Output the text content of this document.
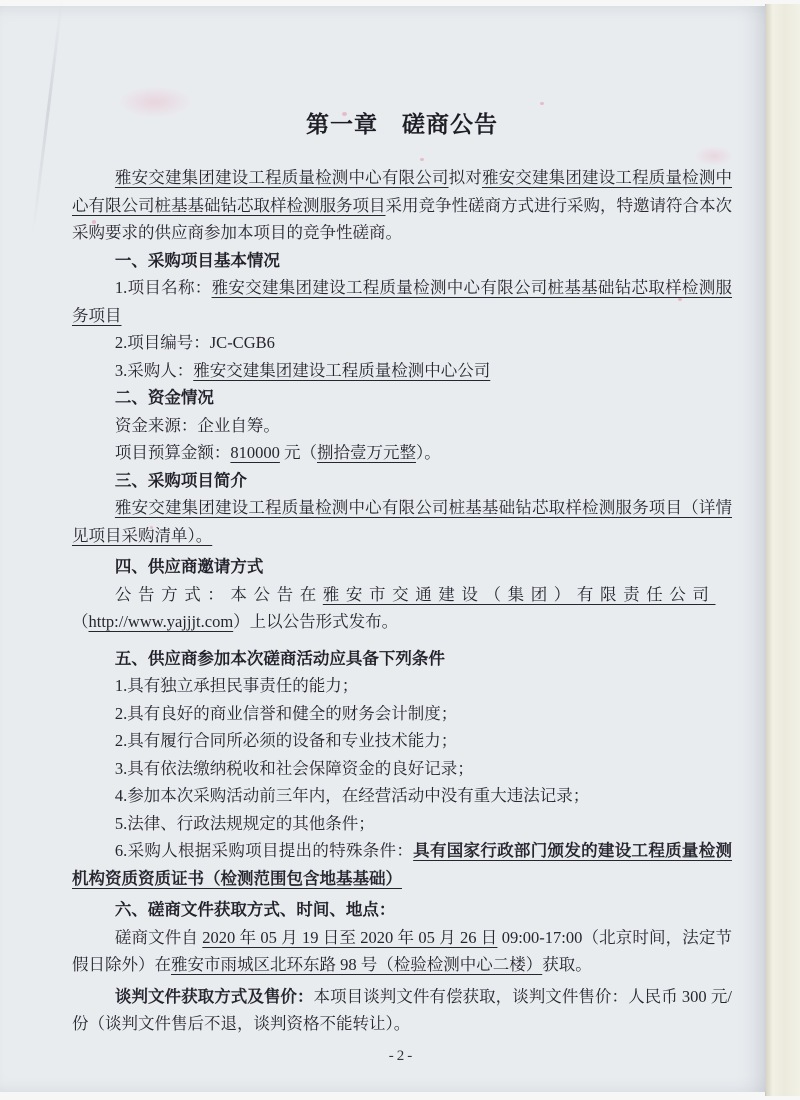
第一章　磋商公告

雅安交建集团建设工程质量检测中心有限公司拟对雅安交建集团建设工程质量检测中心有限公司桩基基础钻芯取样检测服务项目采用竞争性磋商方式进行采购，特邀请符合本次采购要求的供应商参加本项目的竞争性磋商。

一、采购项目基本情况

1.项目名称：雅安交建集团建设工程质量检测中心有限公司桩基基础钻芯取样检测服务项目

2.项目编号：JC-CGB6

3.采购人：雅安交建集团建设工程质量检测中心公司

二、资金情况

资金来源：企业自筹。

项目预算金额：810000 元（捌拾壹万元整）。

三、采购项目简介

雅安交建集团建设工程质量检测中心有限公司桩基基础钻芯取样检测服务项目（详情见项目采购清单）。

四、供应商邀请方式

公告方式：本公告在雅安市交通建设（集团）有限责任公司

（http://www.yajjjt.com）上以公告形式发布。

五、供应商参加本次磋商活动应具备下列条件

1.具有独立承担民事责任的能力；

2.具有良好的商业信誉和健全的财务会计制度；

2.具有履行合同所必须的设备和专业技术能力；

3.具有依法缴纳税收和社会保障资金的良好记录；

4.参加本次采购活动前三年内，在经营活动中没有重大违法记录；

5.法律、行政法规规定的其他条件；

6.采购人根据采购项目提出的特殊条件：具有国家行政部门颁发的建设工程质量检测机构资质资质证书（检测范围包含地基基础）

六、磋商文件获取方式、时间、地点：

磋商文件自 2020 年 05 月 19 日至 2020 年 05 月 26 日 09:00-17:00（北京时间，法定节假日除外）在雅安市雨城区北环东路 98 号（检验检测中心二楼）获取。

谈判文件获取方式及售价：本项目谈判文件有偿获取，谈判文件售价：人民币 300 元/份（谈判文件售后不退，谈判资格不能转让）。

-2-
